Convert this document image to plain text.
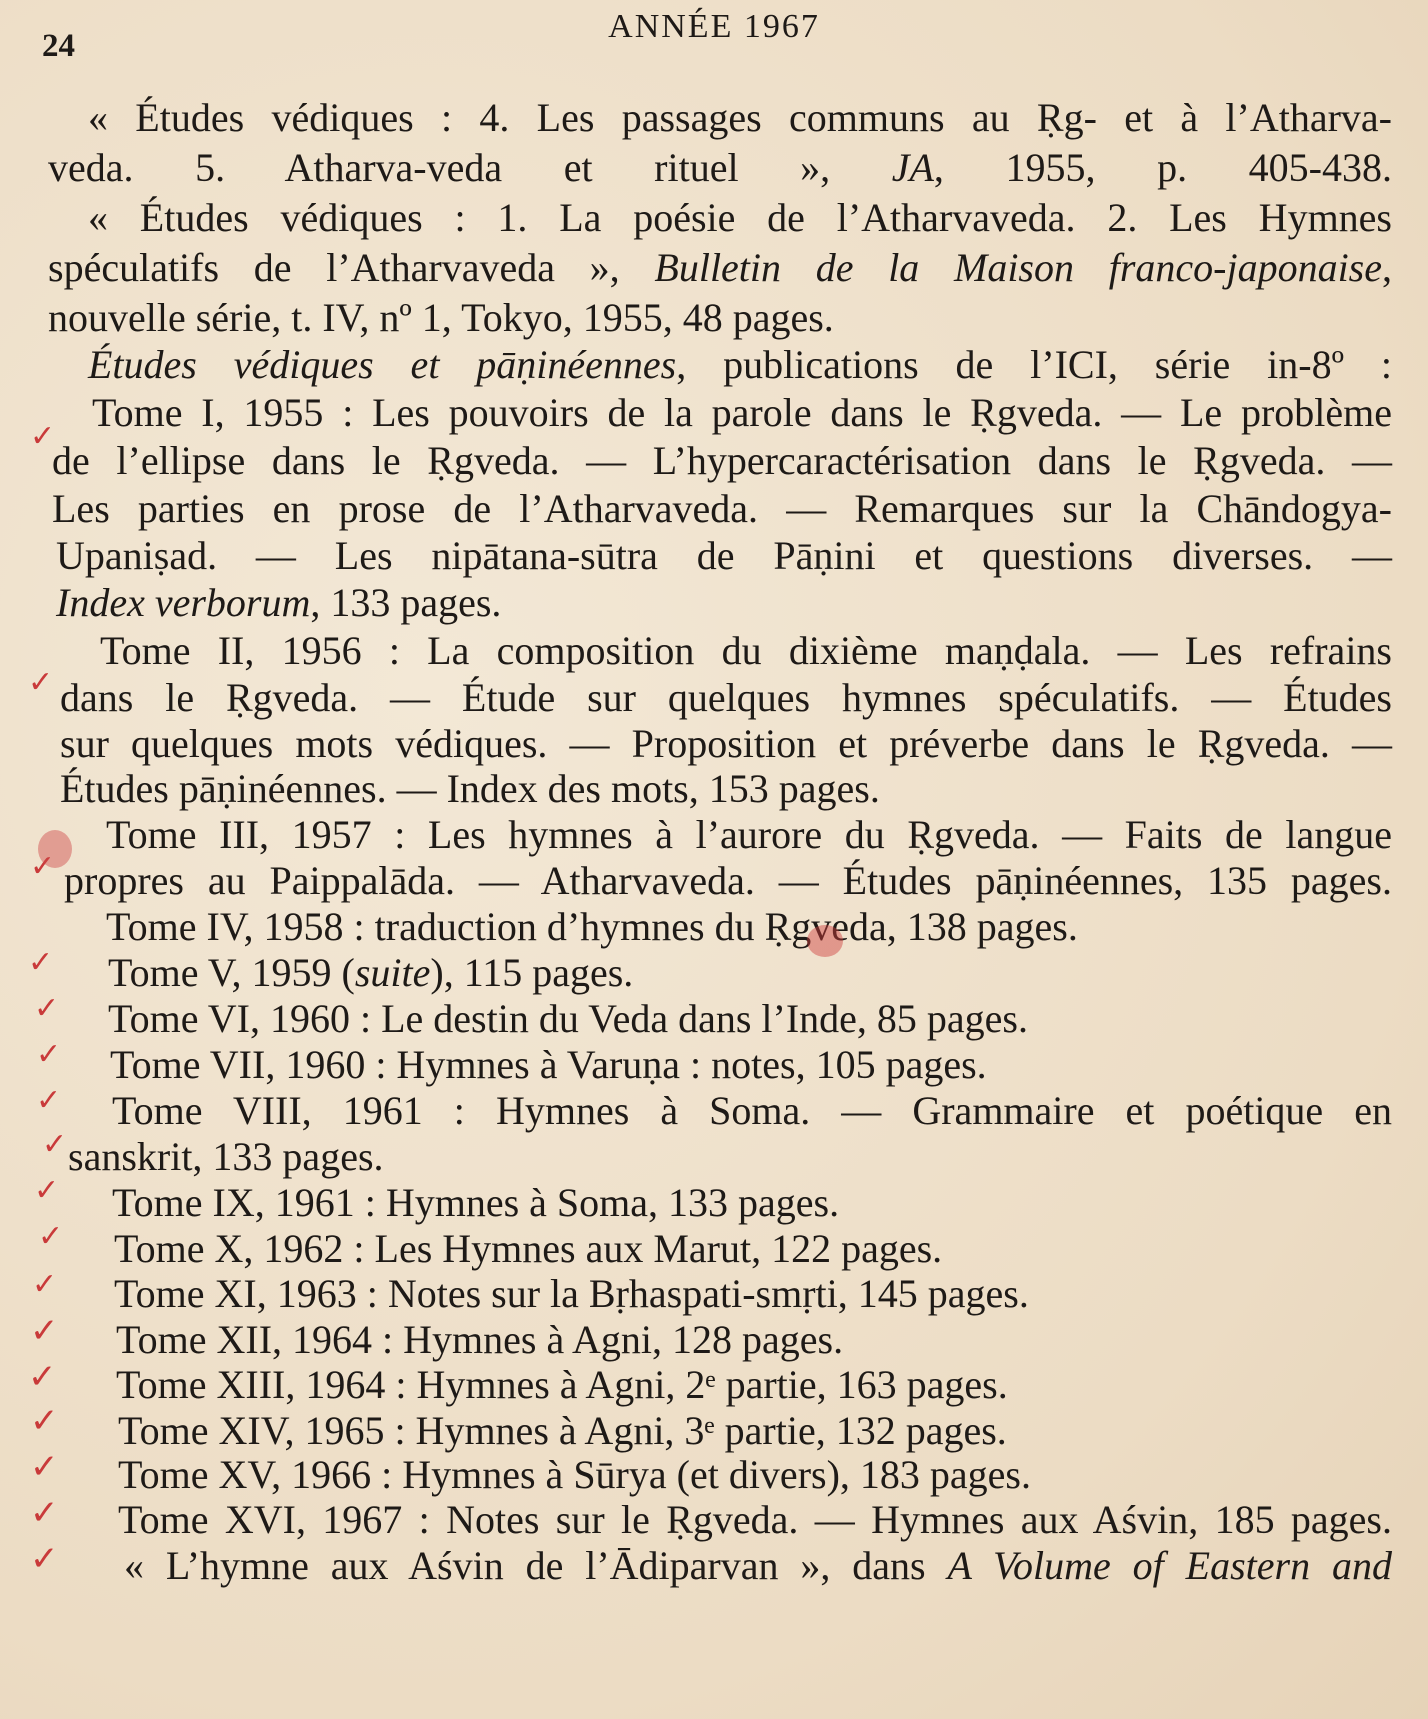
24
ANNÉE 1967
« Études védiques : 4. Les passages communs au Ṛg- et à l’Atharva-
veda. 5. Atharva-veda et rituel », JA, 1955, p. 405-438.
« Études védiques : 1. La poésie de l’Atharvaveda. 2. Les Hymnes
spéculatifs de l’Atharvaveda », Bulletin de la Maison franco-japonaise,
nouvelle série, t. IV, nº 1, Tokyo, 1955, 48 pages.
Études védiques et pāṇinéennes, publications de l’ICI, série in-8º :
Tome I, 1955 : Les pouvoirs de la parole dans le Ṛgveda. — Le problème
de l’ellipse dans le Ṛgveda. — L’hypercaractérisation dans le Ṛgveda. —
Les parties en prose de l’Atharvaveda. — Remarques sur la Chāndogya-
Upaniṣad. — Les nipātana-sūtra de Pāṇini et questions diverses. —
Index verborum, 133 pages.
Tome II, 1956 : La composition du dixième maṇḍala. — Les refrains
dans le Ṛgveda. — Étude sur quelques hymnes spéculatifs. — Études
sur quelques mots védiques. — Proposition et préverbe dans le Ṛgveda. —
Études pāṇinéennes. — Index des mots, 153 pages.
Tome III, 1957 : Les hymnes à l’aurore du Ṛgveda. — Faits de langue
propres au Paippalāda. — Atharvaveda. — Études pāṇinéennes, 135 pages.
Tome IV, 1958 : traduction d’hymnes du Ṛgveda, 138 pages.
Tome V, 1959 (suite), 115 pages.
Tome VI, 1960 : Le destin du Veda dans l’Inde, 85 pages.
Tome VII, 1960 : Hymnes à Varuṇa : notes, 105 pages.
Tome VIII, 1961 : Hymnes à Soma. — Grammaire et poétique en
sanskrit, 133 pages.
Tome IX, 1961 : Hymnes à Soma, 133 pages.
Tome X, 1962 : Les Hymnes aux Marut, 122 pages.
Tome XI, 1963 : Notes sur la Bṛhaspati-smṛti, 145 pages.
Tome XII, 1964 : Hymnes à Agni, 128 pages.
Tome XIII, 1964 : Hymnes à Agni, 2ᵉ partie, 163 pages.
Tome XIV, 1965 : Hymnes à Agni, 3ᵉ partie, 132 pages.
Tome XV, 1966 : Hymnes à Sūrya (et divers), 183 pages.
Tome XVI, 1967 : Notes sur le Ṛgveda. — Hymnes aux Aśvin, 185 pages.
« L’hymne aux Aśvin de l’Ādiparvan », dans A Volume of Eastern and
✓
✓
✓
✓
✓
✓
✓
✓
✓
✓
✓
✓
✓
✓
✓
✓
✓
